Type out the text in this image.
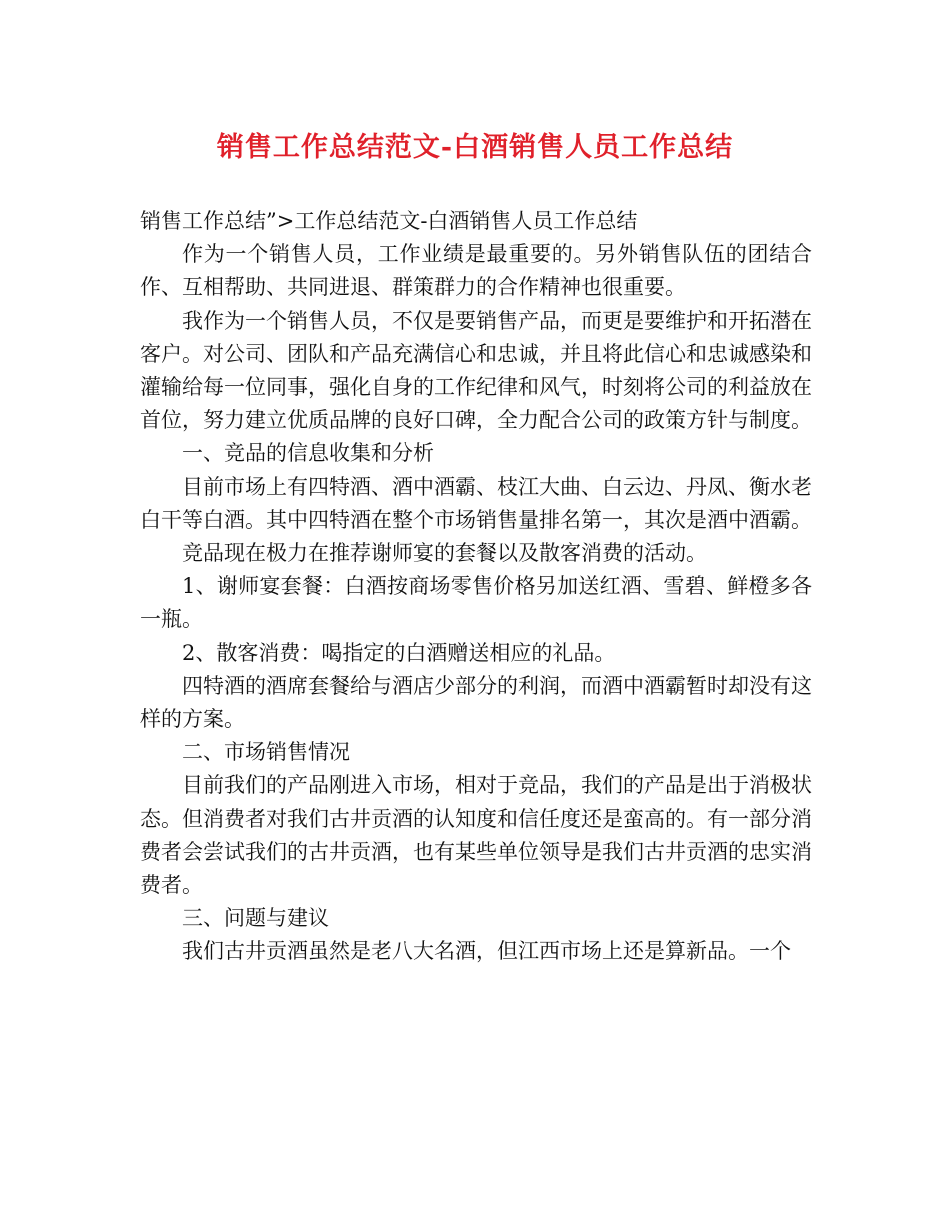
销售工作总结范文-白酒销售人员工作总结

销售工作总结”>工作总结范文-白酒销售人员工作总结

作为一个销售人员，工作业绩是最重要的。另外销售队伍的团结合作、互相帮助、共同进退、群策群力的合作精神也很重要。

我作为一个销售人员，不仅是要销售产品，而更是要维护和开拓潜在客户。对公司、团队和产品充满信心和忠诚，并且将此信心和忠诚感染和灌输给每一位同事，强化自身的工作纪律和风气，时刻将公司的利益放在首位，努力建立优质品牌的良好口碑，全力配合公司的政策方针与制度。

一、竞品的信息收集和分析

目前市场上有四特酒、酒中酒霸、枝江大曲、白云边、丹凤、衡水老白干等白酒。其中四特酒在整个市场销售量排名第一，其次是酒中酒霸。

竞品现在极力在推荐谢师宴的套餐以及散客消费的活动。

1、谢师宴套餐：白酒按商场零售价格另加送红酒、雪碧、鲜橙多各一瓶。

2、散客消费：喝指定的白酒赠送相应的礼品。

四特酒的酒席套餐给与酒店少部分的利润，而酒中酒霸暂时却没有这样的方案。

二、市场销售情况

目前我们的产品刚进入市场，相对于竞品，我们的产品是出于消极状态。但消费者对我们古井贡酒的认知度和信任度还是蛮高的。有一部分消费者会尝试我们的古井贡酒，也有某些单位领导是我们古井贡酒的忠实消费者。

三、问题与建议

我们古井贡酒虽然是老八大名酒，但江西市场上还是算新品。一个
